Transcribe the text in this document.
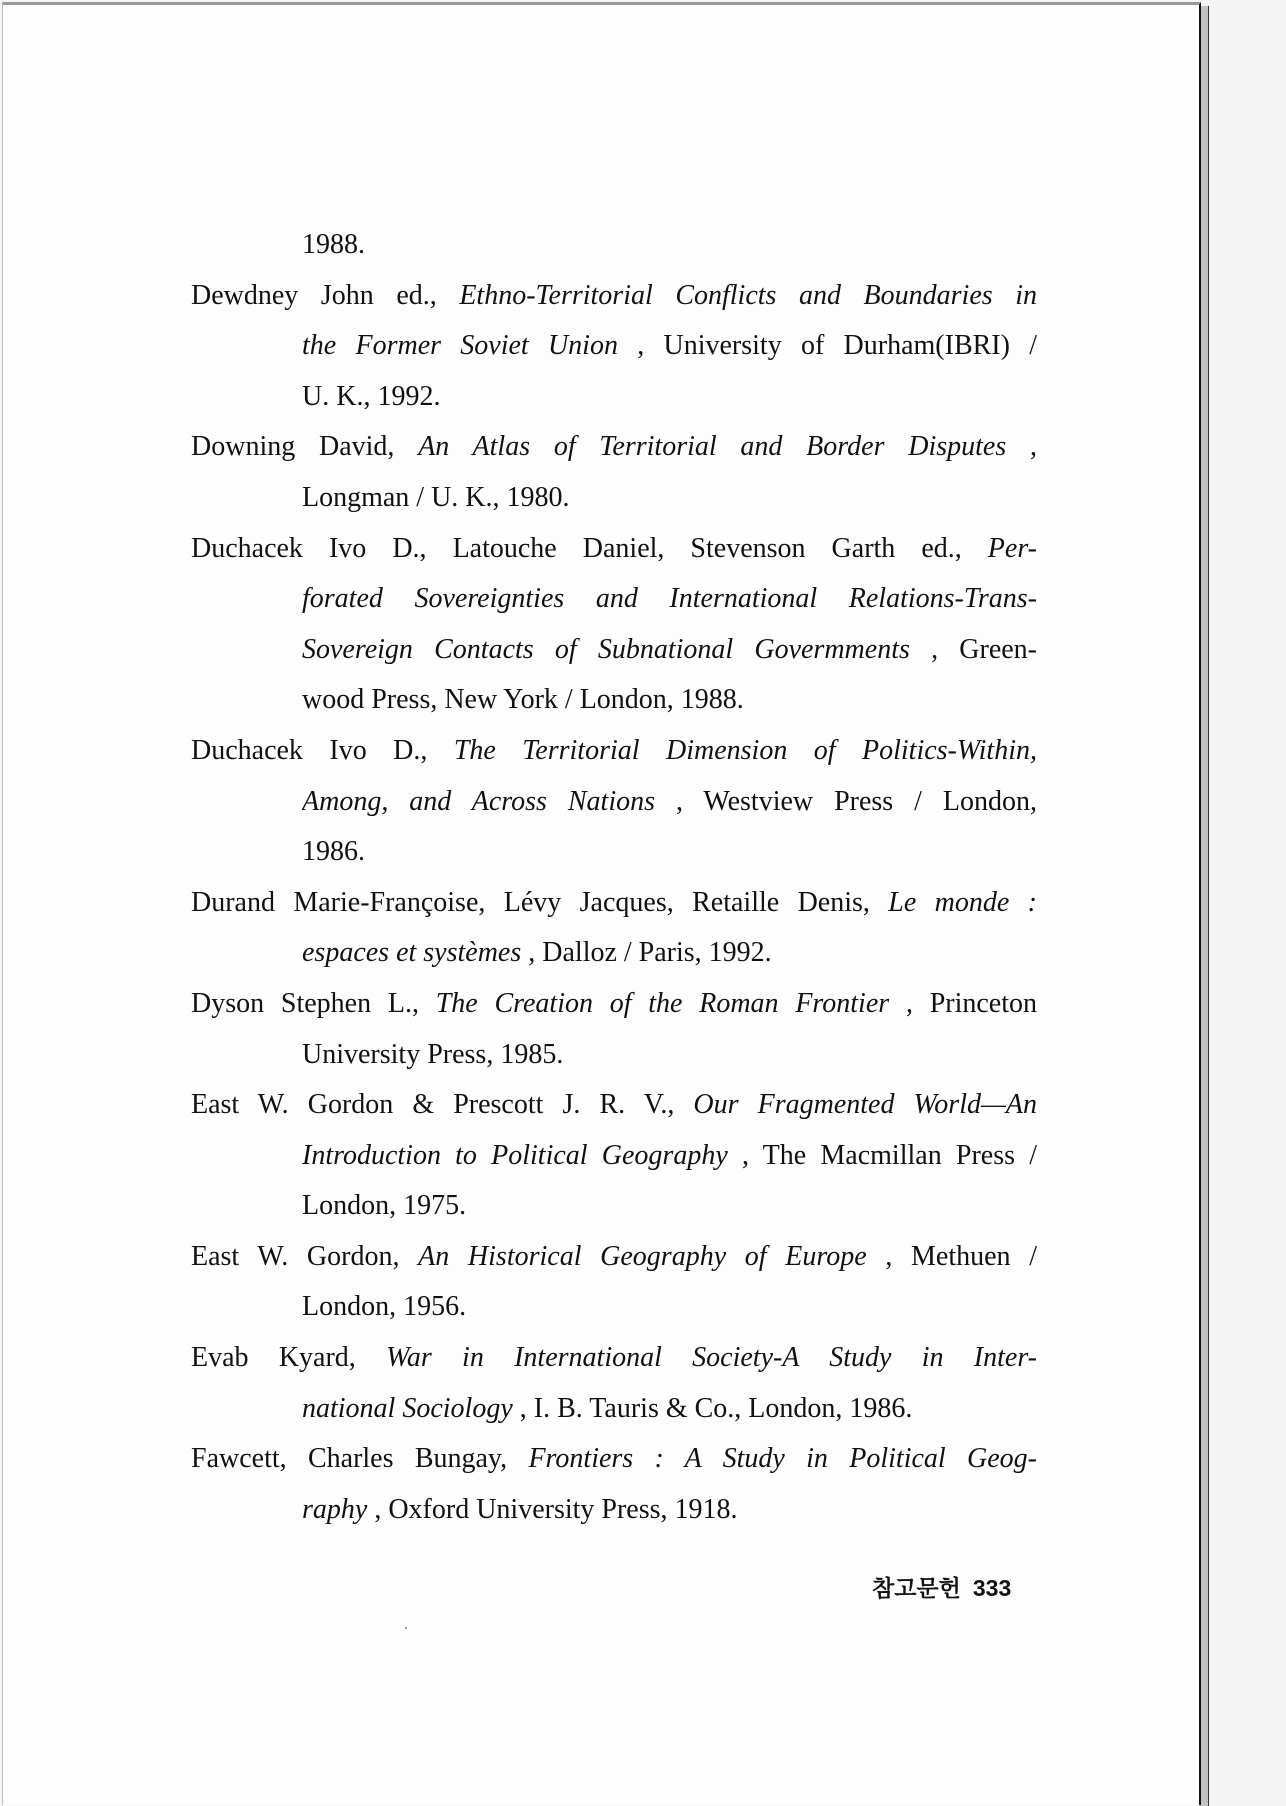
1988.
Dewdney John ed., Ethno-Territorial Conflicts and Boundaries in
the Former Soviet Union , University of Durham(IBRI) /
U. K., 1992.
Downing David, An Atlas of Territorial and Border Disputes ,
Longman / U. K., 1980.
Duchacek Ivo D., Latouche Daniel, Stevenson Garth ed., Per-
forated Sovereignties and International Relations-Trans-
Sovereign Contacts of Subnational Govermments , Green-
wood Press, New York / London, 1988.
Duchacek Ivo D., The Territorial Dimension of Politics-Within,
Among, and Across Nations , Westview Press / London,
1986.
Durand Marie-Françoise, Lévy Jacques, Retaille Denis, Le monde :
espaces et systèmes , Dalloz / Paris, 1992.
Dyson Stephen L., The Creation of the Roman Frontier , Princeton
University Press, 1985.
East W. Gordon & Prescott J. R. V., Our Fragmented World—An
Introduction to Political Geography , The Macmillan Press /
London, 1975.
East W. Gordon, An Historical Geography of Europe , Methuen /
London, 1956.
Evab Kyard, War in International Society-A Study in Inter-
national Sociology , I. B. Tauris & Co., London, 1986.
Fawcett, Charles Bungay, Frontiers : A Study in Political Geog-
raphy , Oxford University Press, 1918.
참고문헌 333
